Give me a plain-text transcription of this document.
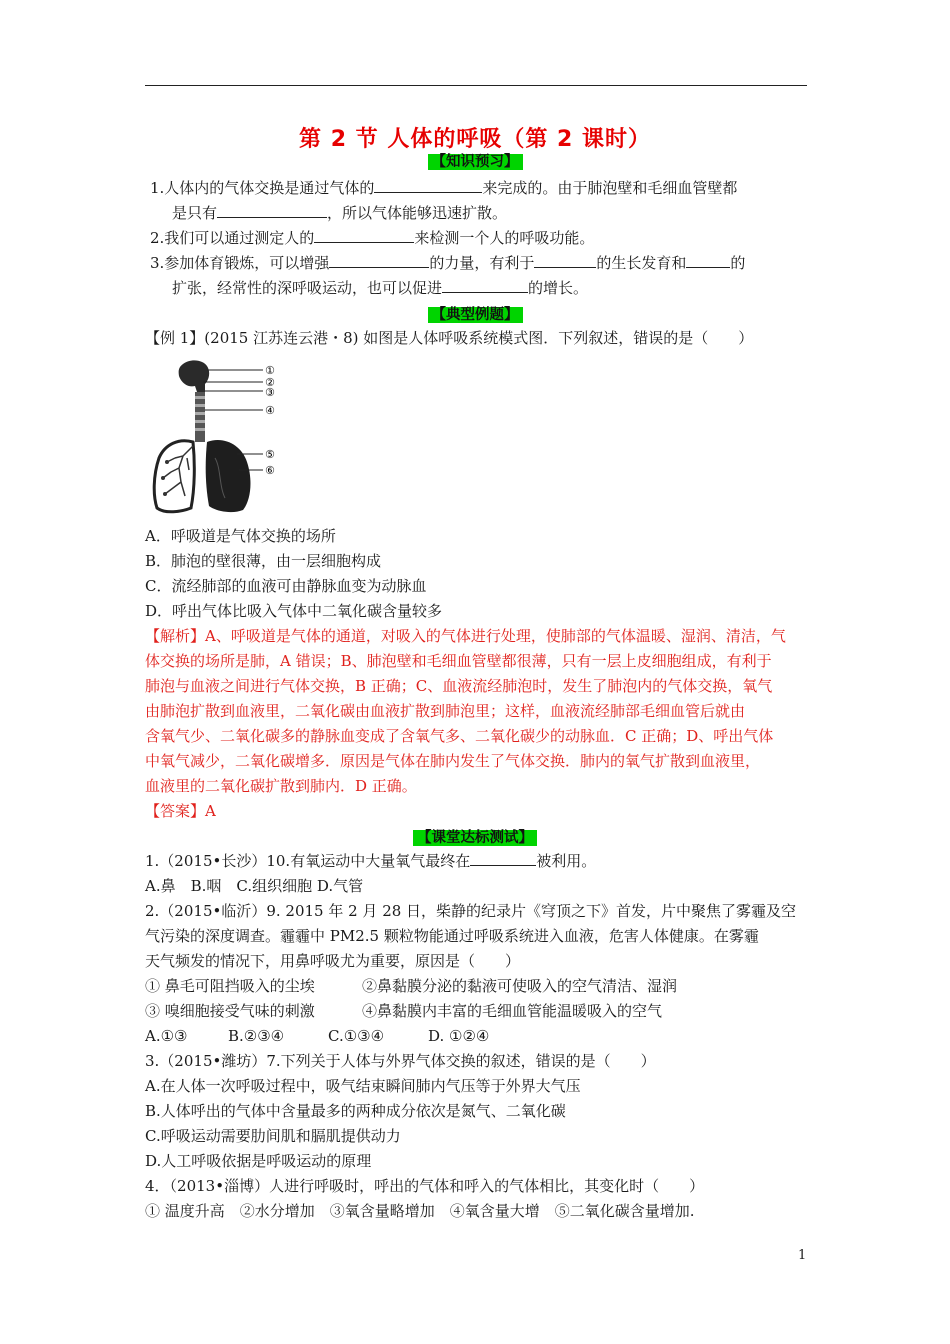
第 2 节 人体的呼吸（第 2 课时）
【知识预习】
1.人体内的气体交换是通过气体的	来完成的。由于肺泡壁和毛细血管壁都
是只有	，所以气体能够迅速扩散。
2.我们可以通过测定人的	来检测一个人的呼吸功能。
3.参加体育锻炼，可以增强	的力量，有利于	的生长发育和	的
扩张，经常性的深呼吸运动，也可以促进	的增长。
【典型例题】
【例 1】(2015 江苏连云港・8) 如图是人体呼吸系统模式图．下列叙述，错误的是（　　）
①
②
③
④
⑤
⑥
A．呼吸道是气体交换的场所
B．肺泡的壁很薄，由一层细胞构成
C．流经肺部的血液可由静脉血变为动脉血
D．呼出气体比吸入气体中二氧化碳含量较多
【解析】A、呼吸道是气体的通道，对吸入的气体进行处理，使肺部的气体温暖、湿润、清洁，气
体交换的场所是肺，A 错误；B、肺泡壁和毛细血管壁都很薄，只有一层上皮细胞组成，有利于
肺泡与血液之间进行气体交换，B 正确；C、血液流经肺泡时，发生了肺泡内的气体交换，氧气
由肺泡扩散到血液里，二氧化碳由血液扩散到肺泡里；这样，血液流经肺部毛细血管后就由
含氧气少、二氧化碳多的静脉血变成了含氧气多、二氧化碳少的动脉血．C 正确；D、呼出气体
中氧气减少，二氧化碳增多．原因是气体在肺内发生了气体交换．肺内的氧气扩散到血液里，
血液里的二氧化碳扩散到肺内．D 正确。
【答案】A
【课堂达标测试】
1.（2015•长沙）10.有氧运动中大量氧气最终在	被利用。
A.鼻　B.咽　C.组织细胞 D.气管
2.（2015•临沂）9. 2015 年 2 月 28 日，柴静的纪录片《穹顶之下》首发，片中聚焦了雾霾及空
气污染的深度调查。霾霾中 PM2.5 颗粒物能通过呼吸系统进入血液，危害人体健康。在雾霾
天气频发的情况下，用鼻呼吸尤为重要，原因是（　　）
① 鼻毛可阻挡吸入的尘埃	②鼻黏膜分泌的黏液可使吸入的空气清洁、湿润
③ 嗅细胞接受气味的刺激	④鼻黏膜内丰富的毛细血管能温暖吸入的空气
A.①③	B.②③④	C.①③④	D. ①②④
3.（2015•潍坊）7.下列关于人体与外界气体交换的叙述，错误的是（　　）
A.在人体一次呼吸过程中，吸气结束瞬间肺内气压等于外界大气压
B.人体呼出的气体中含量最多的两种成分依次是氮气、二氧化碳
C.呼吸运动需要肋间肌和膈肌提供动力
D.人工呼吸依据是呼吸运动的原理
4．（2013•淄博）人进行呼吸时，呼出的气体和呼入的气体相比，其变化时（　　）
① 温度升高　②水分增加　③氧含量略增加　④氧含量大增　⑤二氧化碳含量增加.
1
